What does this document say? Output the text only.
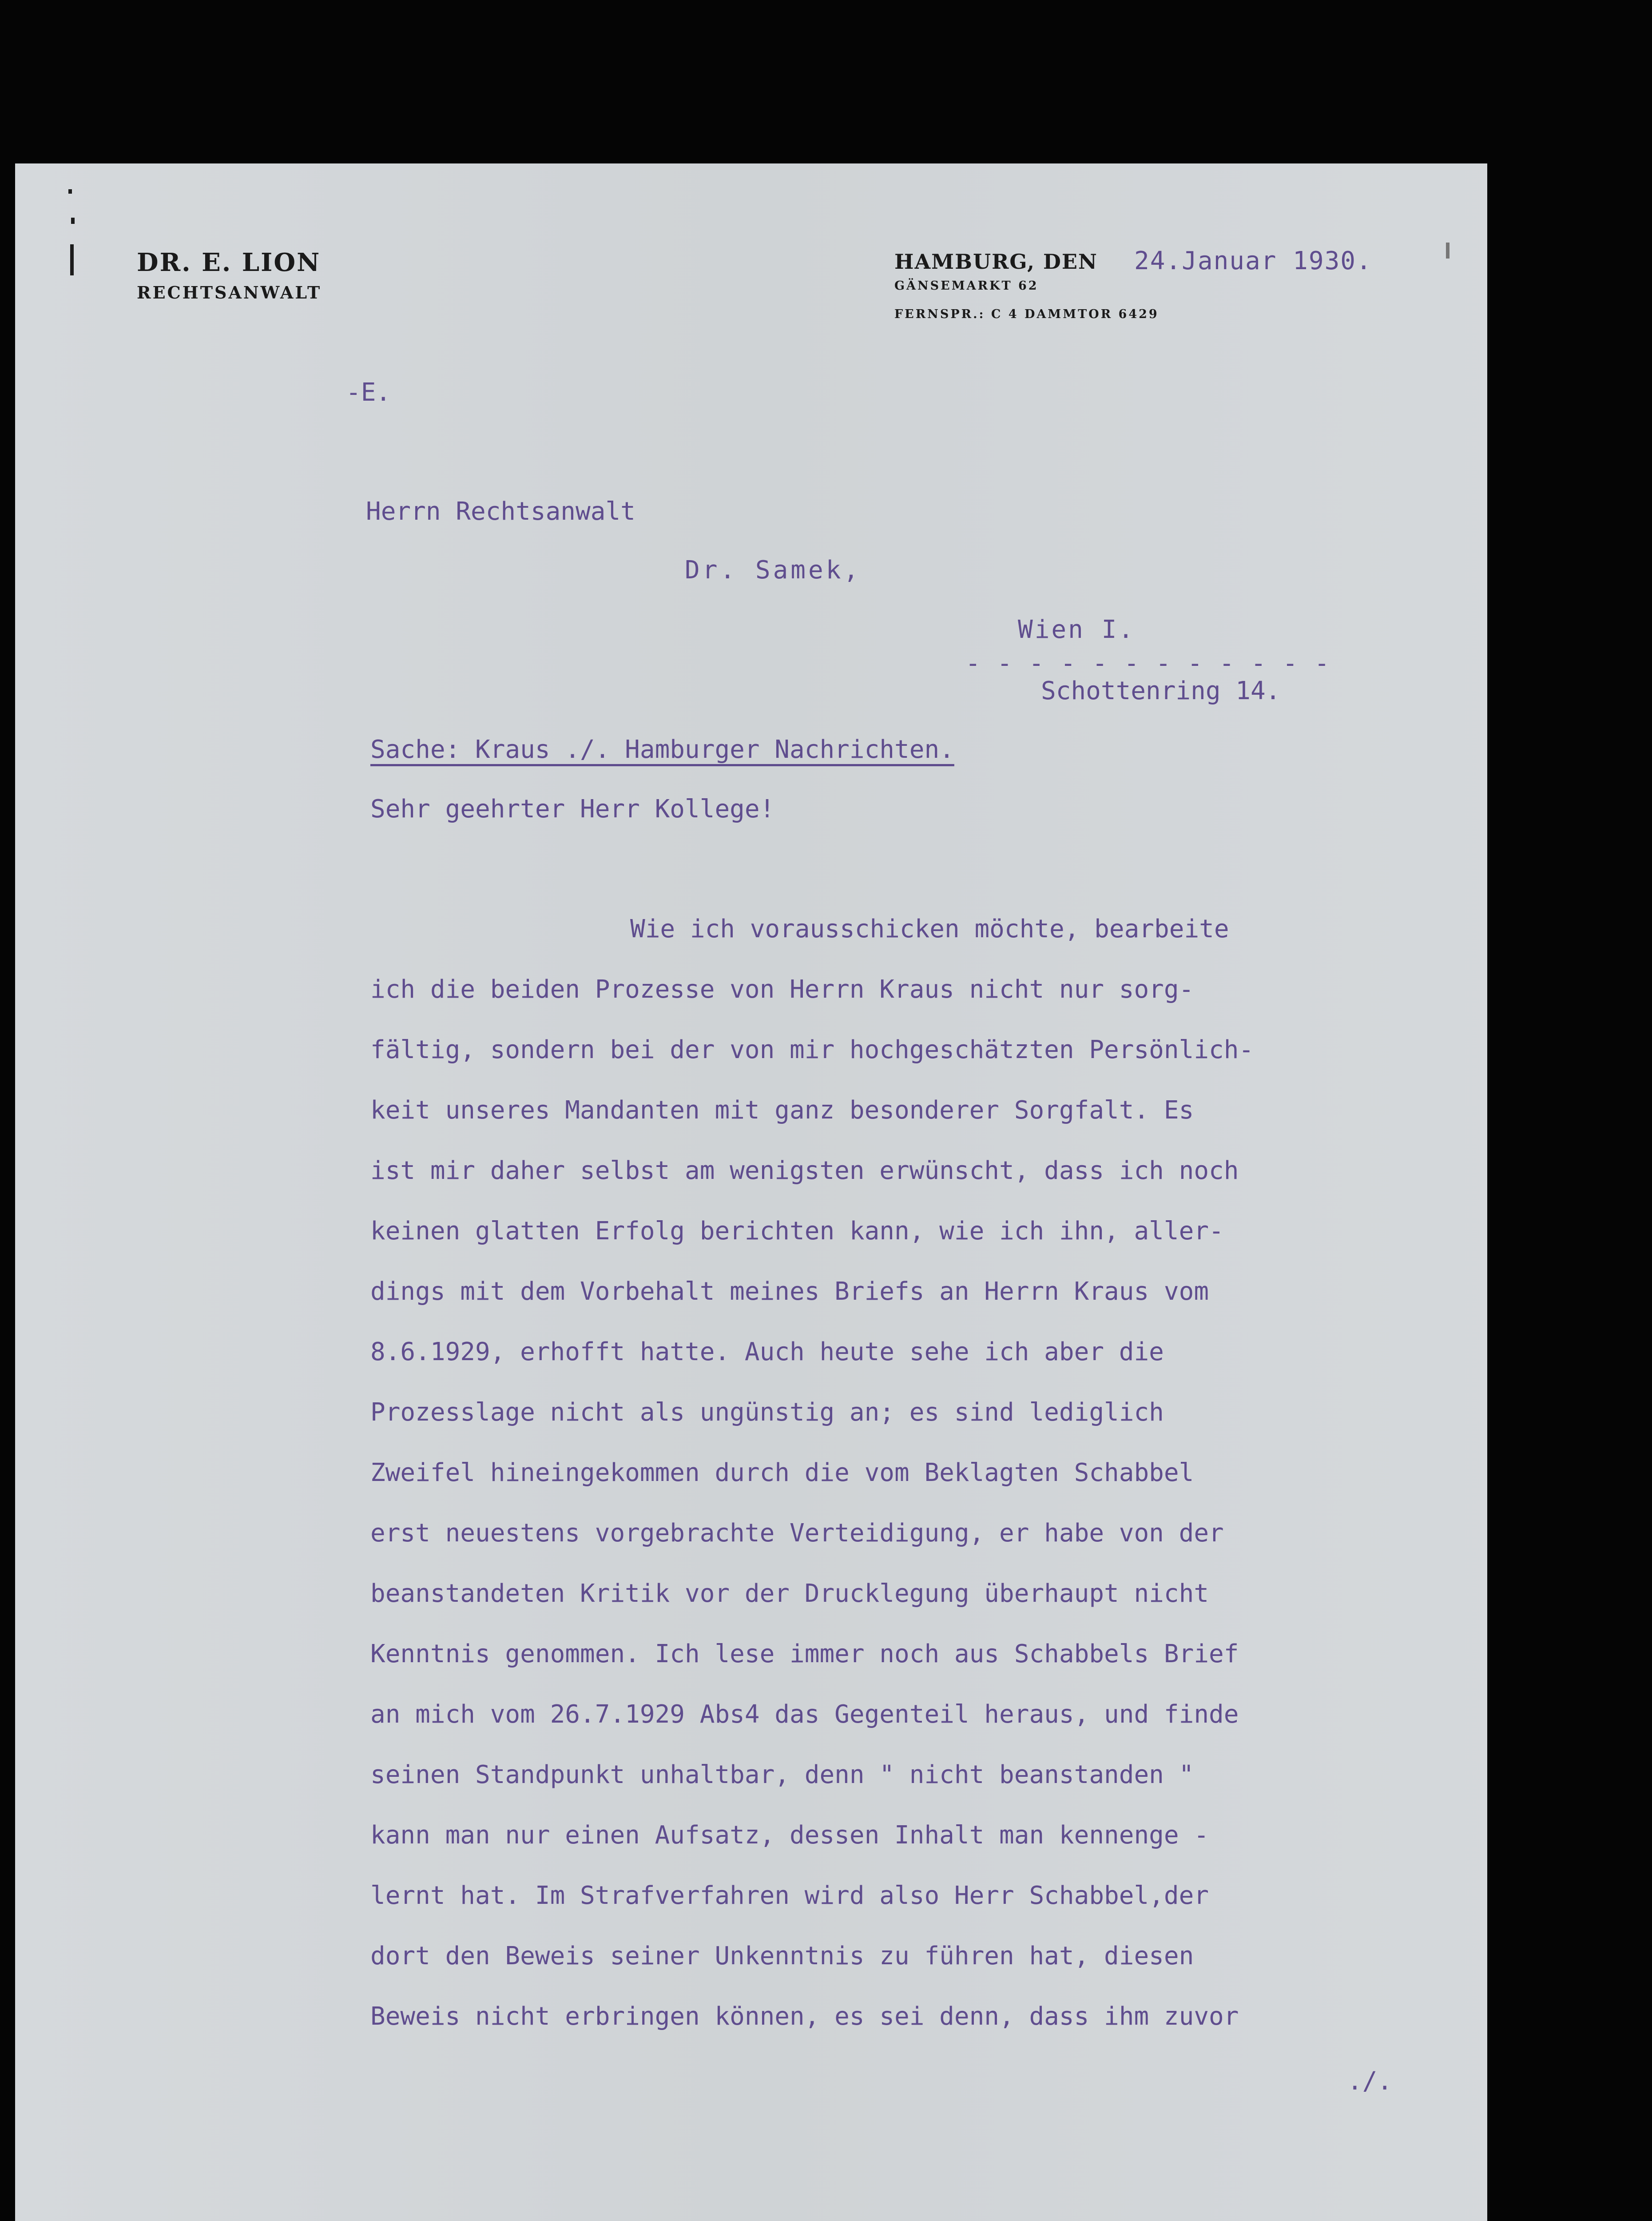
DR. E. LION
RECHTSANWALT
HAMBURG, DEN
GÄNSEMARKT 62
FERNSPR.: C 4 DAMMTOR 6429
24.Januar 1930.
-E.
Herrn Rechtsanwalt
Dr. Samek,
Wien I.
- - - - - - - - - - - -
Schottenring 14.
Sache: Kraus ./. Hamburger Nachrichten.
Sehr geehrter Herr Kollege!
Wie ich vorausschicken möchte, bearbeite
ich die beiden Prozesse von Herrn Kraus nicht nur sorg-
fältig, sondern bei der von mir hochgeschätzten Persönlich-
keit unseres Mandanten mit ganz besonderer Sorgfalt. Es
ist mir daher selbst am wenigsten erwünscht, dass ich noch
keinen glatten Erfolg berichten kann, wie ich ihn, aller-
dings mit dem Vorbehalt meines Briefs an Herrn Kraus vom
8.6.1929, erhofft hatte. Auch heute sehe ich aber die
Prozesslage nicht als ungünstig an; es sind lediglich
Zweifel hineingekommen durch die vom Beklagten Schabbel
erst neuestens vorgebrachte Verteidigung, er habe von der
beanstandeten Kritik vor der Drucklegung überhaupt nicht
Kenntnis genommen. Ich lese immer noch aus Schabbels Brief
an mich vom 26.7.1929 Abs4 das Gegenteil heraus, und finde
seinen Standpunkt unhaltbar, denn " nicht beanstanden "
kann man nur einen Aufsatz, dessen Inhalt man kennenge -
lernt hat. Im Strafverfahren wird also Herr Schabbel,der
dort den Beweis seiner Unkenntnis zu führen hat, diesen
Beweis nicht erbringen können, es sei denn, dass ihm zuvor
./.
